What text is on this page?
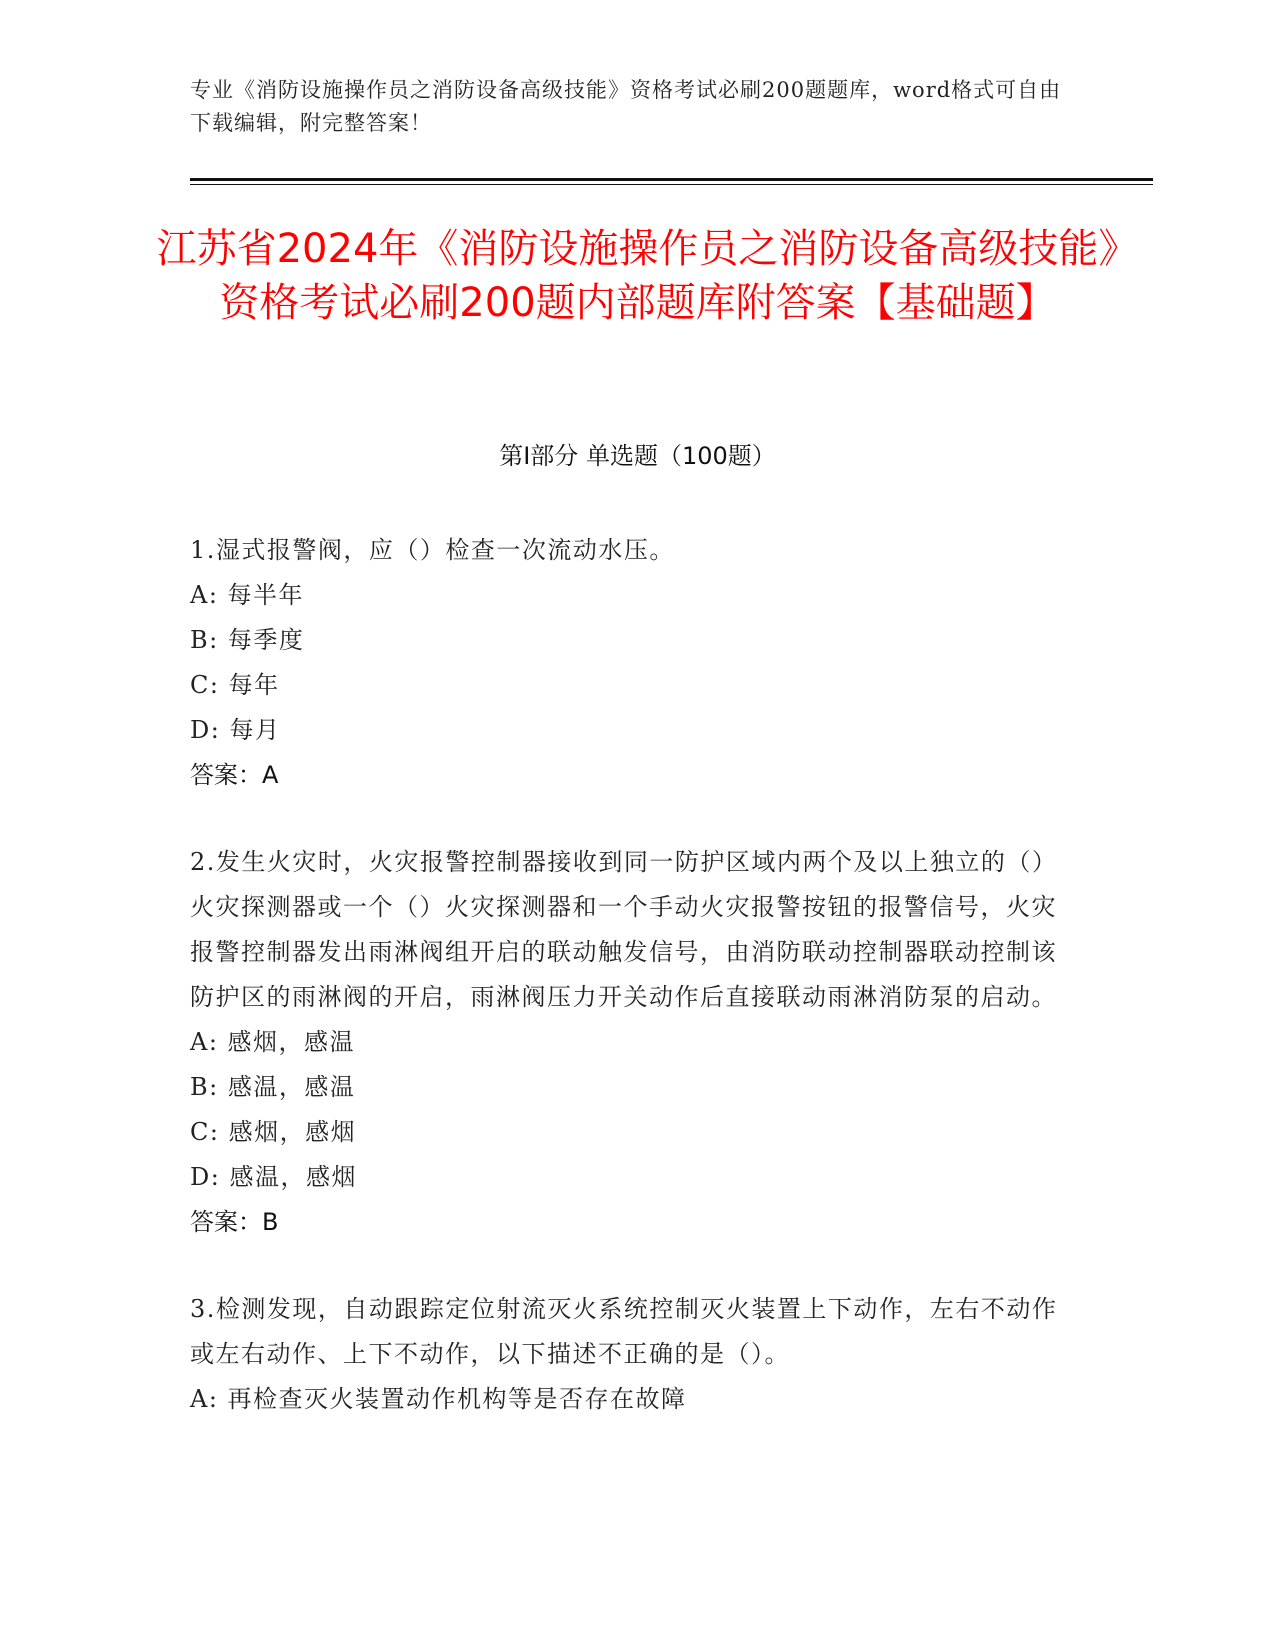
专业《消防设施操作员之消防设备高级技能》资格考试必刷200题题库，word格式可自由下载编辑，附完整答案！
江苏省2024年《消防设施操作员之消防设备高级技能》资格考试必刷200题内部题库附答案【基础题】
第I部分 单选题（100题）
1.湿式报警阀，应（）检查一次流动水压。
A: 每半年
B: 每季度
C: 每年
D: 每月
答案：A
2.发生火灾时，火灾报警控制器接收到同一防护区域内两个及以上独立的（）火灾探测器或一个（）火灾探测器和一个手动火灾报警按钮的报警信号，火灾报警控制器发出雨淋阀组开启的联动触发信号，由消防联动控制器联动控制该防护区的雨淋阀的开启，雨淋阀压力开关动作后直接联动雨淋消防泵的启动。
A: 感烟，感温
B: 感温，感温
C: 感烟，感烟
D: 感温，感烟
答案：B
3.检测发现，自动跟踪定位射流灭火系统控制灭火装置上下动作，左右不动作或左右动作、上下不动作，以下描述不正确的是（）。
A: 再检查灭火装置动作机构等是否存在故障
